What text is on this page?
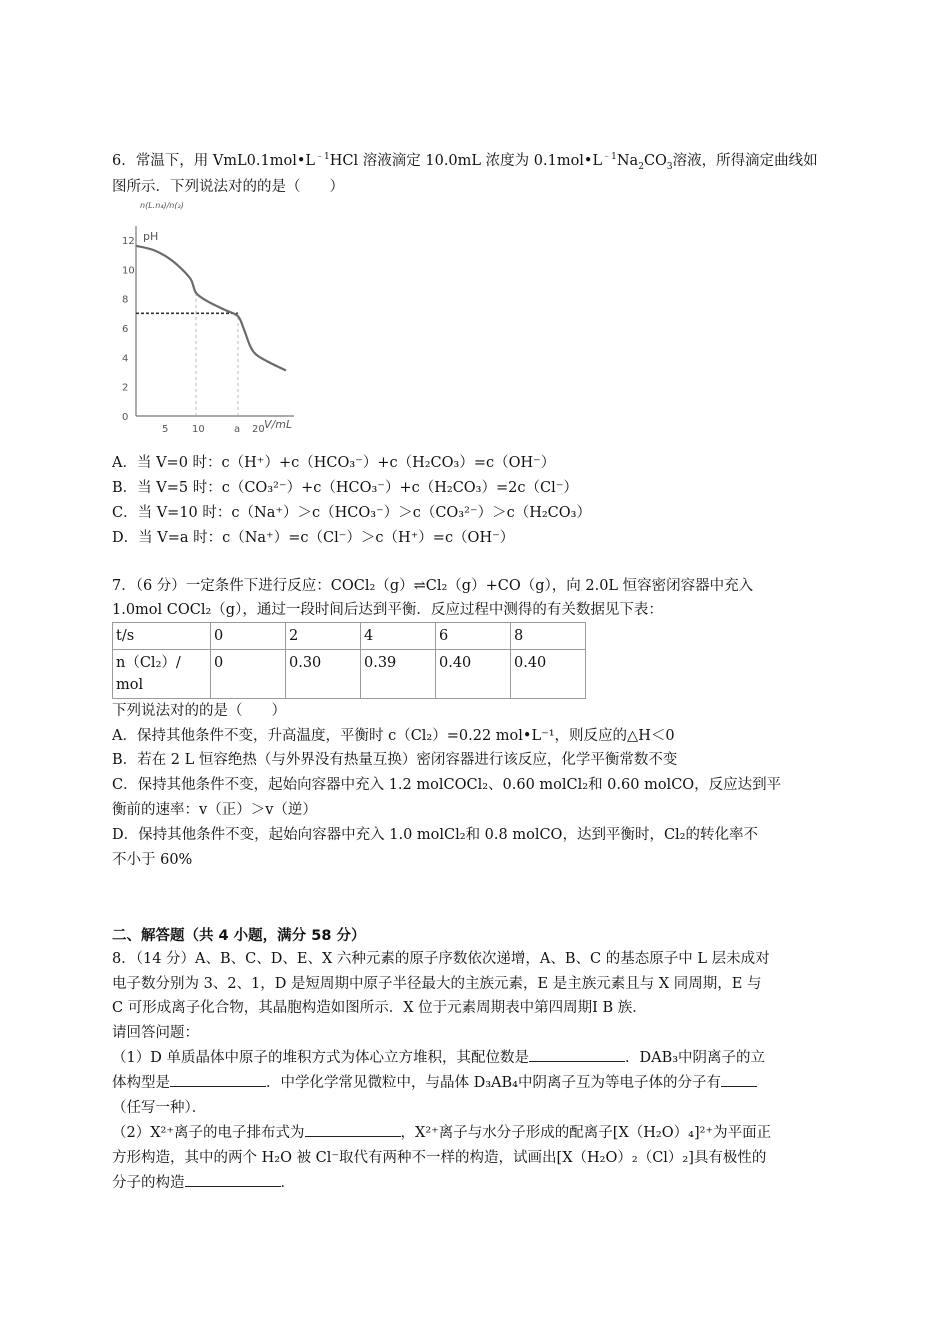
6．常温下，用 $VmL0.1mol•L^{﹣1}HCl$ 溶液滴定 10.0mL 浓度为 $0.1mol•L^{﹣1}Na_2CO_3$溶液，所得滴定曲线如
图所示．下列说法对的的是（　　）
n(L.n₄)/n(₂)
0
2
4
6
8
10
12
5 10	a 20
pH
V/mL
A．当 V=0 时：c（H⁺）+c（HCO₃⁻）+c（H₂CO₃）=c（OH⁻）
B．当 V=5 时：c（CO₃²⁻）+c（HCO₃⁻）+c（H₂CO₃）=2c（Cl⁻）
C．当 V=10 时：c（Na⁺）＞c（HCO₃⁻）＞c（CO₃²⁻）＞c（H₂CO₃）
D．当 V=a 时：c（Na⁺）=c（Cl⁻）＞c（H⁺）=c（OH⁻）
7．（6 分）一定条件下进行反应：COCl₂（g）⇌Cl₂（g）+CO（g），向 2.0L 恒容密闭容器中充入
1.0mol COCl₂（g），通过一段时间后达到平衡．反应过程中测得的有关数据见下表：
t/s	0	2	4	6	8
n（Cl₂）/
mol	0	0.30	0.39	0.40	0.40
下列说法对的的是（　　）
A．保持其他条件不变，升高温度，平衡时 c（Cl₂）=0.22 mol•L⁻¹，则反应的△H＜0
B．若在 2 L 恒容绝热（与外界没有热量互换）密闭容器进行该反应，化学平衡常数不变
C．保持其他条件不变，起始向容器中充入 1.2 molCOCl₂、0.60 molCl₂和 0.60 molCO，反应达到平
衡前的速率：v（正）＞v（逆）
D．保持其他条件不变，起始向容器中充入 1.0 molCl₂和 0.8 molCO，达到平衡时，Cl₂的转化率不
不小于 60%
二、解答题（共 4 小题，满分 58 分）
8．（14 分）A、B、C、D、E、X 六种元素的原子序数依次递增，A、B、C 的基态原子中 L 层未成对
电子数分别为 3、2、1，D 是短周期中原子半径最大的主族元素，E 是主族元素且与 X 同周期，E 与
C 可形成离子化合物，其晶胞构造如图所示．X 位于元素周期表中第四周期Ⅰ B 族．
请回答问题：
（1）D 单质晶体中原子的堆积方式为体心立方堆积，其配位数是	．DAB₃中阴离子的立
体构型是	．中学化学常见微粒中，与晶体 D₃AB₄中阴离子互为等电子体的分子有
（任写一种）．
（2）X²⁺离子的电子排布式为	，X²⁺离子与水分子形成的配离子[X（H₂O）₄]²⁺为平面正
方形构造，其中的两个 H₂O 被 Cl⁻取代有两种不一样的构造，试画出[X（H₂O）₂（Cl）₂]具有极性的
分子的构造	．
